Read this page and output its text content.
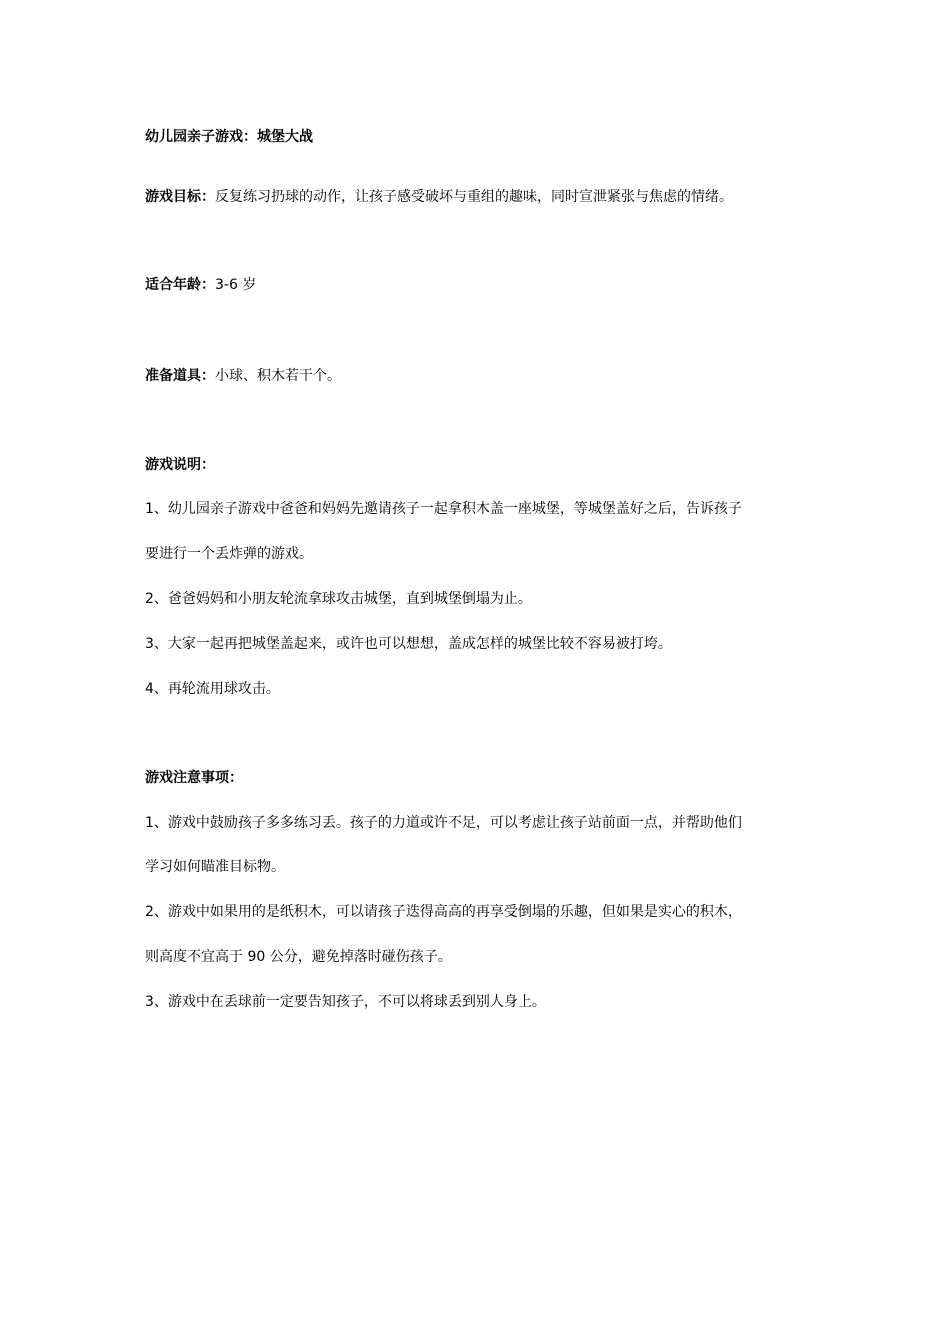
幼儿园亲子游戏：城堡大战
游戏目标：反复练习扔球的动作，让孩子感受破坏与重组的趣味，同时宣泄紧张与焦虑的情绪。
适合年龄：3-6 岁
准备道具：小球、积木若干个。
游戏说明：
1、幼儿园亲子游戏中爸爸和妈妈先邀请孩子一起拿积木盖一座城堡，等城堡盖好之后，告诉孩子
要进行一个丢炸弹的游戏。
2、爸爸妈妈和小朋友轮流拿球攻击城堡，直到城堡倒塌为止。
3、大家一起再把城堡盖起来，或许也可以想想，盖成怎样的城堡比较不容易被打垮。
4、再轮流用球攻击。
游戏注意事项：
1、游戏中鼓励孩子多多练习丢。孩子的力道或许不足，可以考虑让孩子站前面一点，并帮助他们
学习如何瞄准目标物。
2、游戏中如果用的是纸积木，可以请孩子迭得高高的再享受倒塌的乐趣，但如果是实心的积木，
则高度不宜高于 90 公分，避免掉落时碰伤孩子。
3、游戏中在丢球前一定要告知孩子，不可以将球丢到别人身上。
